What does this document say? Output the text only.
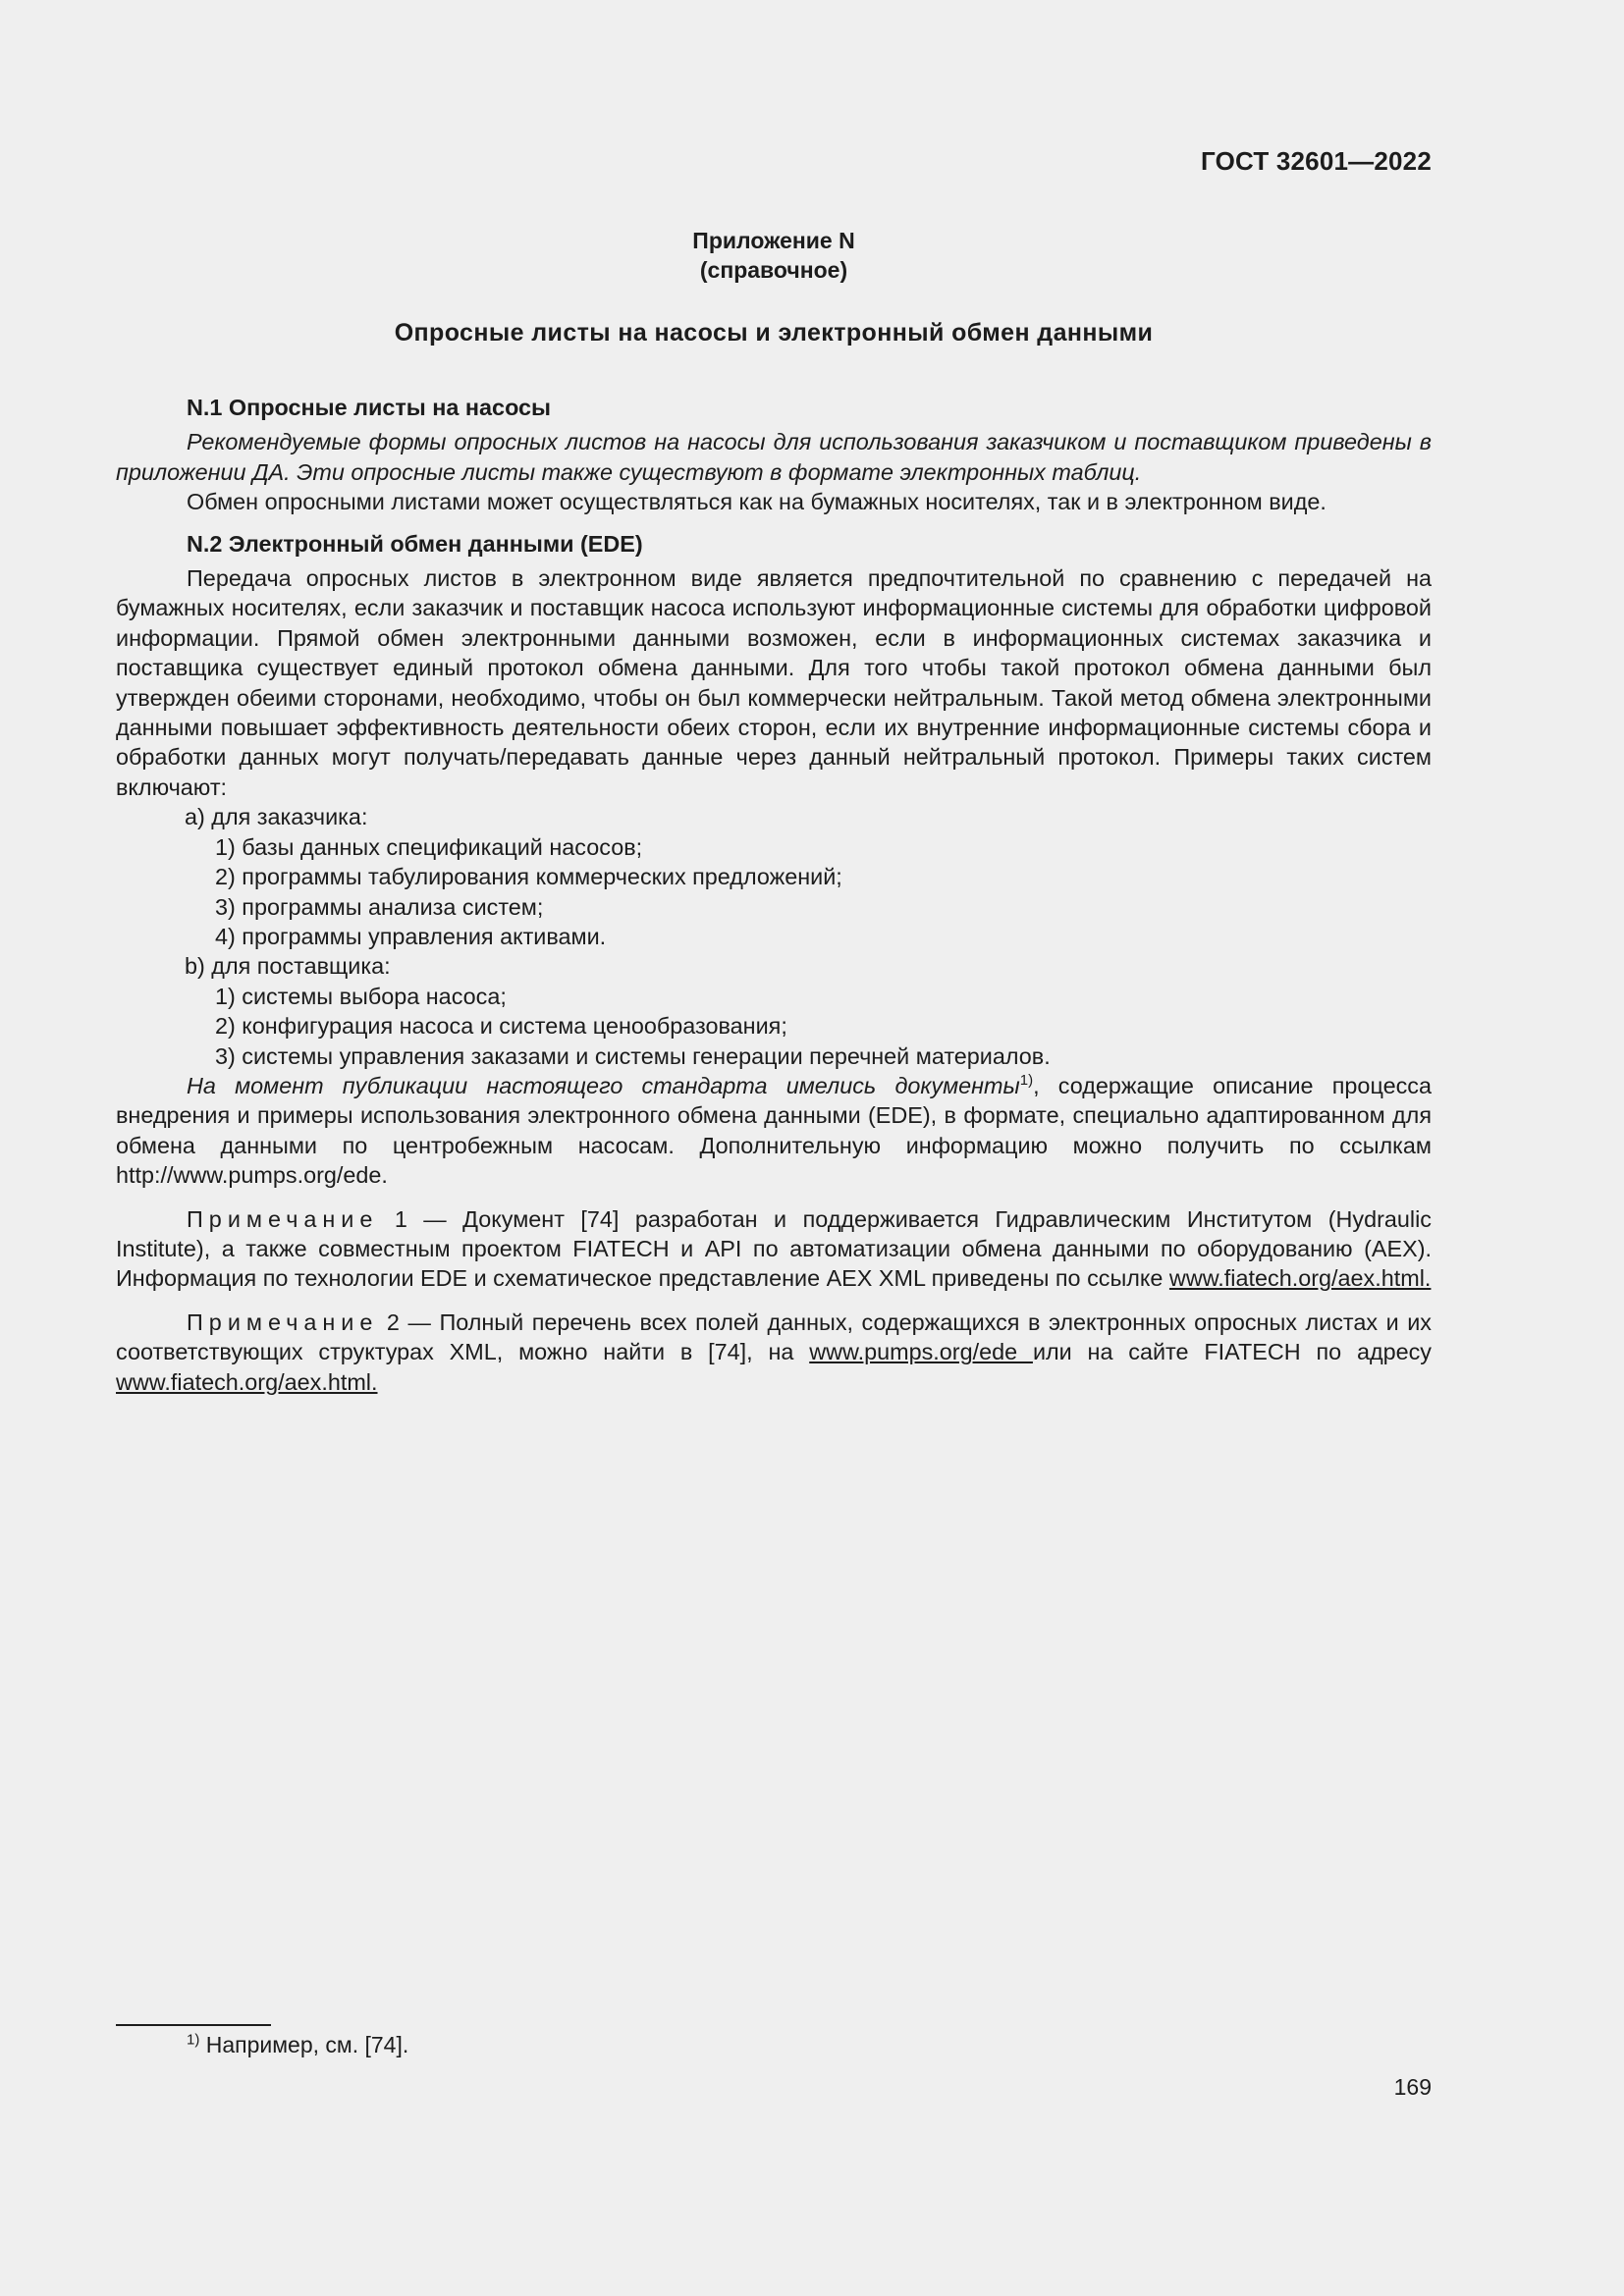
ГОСТ 32601—2022
Приложение N
(справочное)
Опросные листы на насосы и электронный обмен данными
N.1 Опросные листы на насосы

Рекомендуемые формы опросных листов на насосы для использования заказчиком и поставщиком приведены в приложении ДА. Эти опросные листы также существуют в формате электронных таблиц.

Обмен опросными листами может осуществляться как на бумажных носителях, так и в электронном виде.

N.2 Электронный обмен данными (EDE)

Передача опросных листов в электронном виде является предпочтительной по сравнению с передачей на бумажных носителях, если заказчик и поставщик насоса используют информационные системы для обработки цифровой информации. Прямой обмен электронными данными возможен, если в информационных системах заказчика и поставщика существует единый протокол обмена данными. Для того чтобы такой протокол обмена данными был утвержден обеими сторонами, необходимо, чтобы он был коммерчески нейтральным. Такой метод обмена электронными данными повышает эффективность деятельности обеих сторон, если их внутренние информационные системы сбора и обработки данных могут получать/передавать данные через данный нейтральный протокол. Примеры таких систем включают:

a) для заказчика:
1) базы данных спецификаций насосов;
2) программы табулирования коммерческих предложений;
3) программы анализа систем;
4) программы управления активами.
b) для поставщика:
1) системы выбора насоса;
2) конфигурация насоса и система ценообразования;
3) системы управления заказами и системы генерации перечней материалов.

На момент публикации настоящего стандарта имелись документы$^{1)}$, содержащие описание процесса внедрения и примеры использования электронного обмена данными (EDE), в формате, специально адаптированном для обмена данными по центробежным насосам. Дополнительную информацию можно получить по ссылкам http://www.pumps.org/ede.

Примечание 1 — Документ [74] разработан и поддерживается Гидравлическим Институтом (Hydraulic Institute), а также совместным проектом FIATECH и API по автоматизации обмена данными по оборудованию (AEX). Информация по технологии EDE и схематическое представление AEX XML приведены по ссылке www.fiatech.org/aex.html.

Примечание 2 — Полный перечень всех полей данных, содержащихся в электронных опросных листах и их соответствующих структурах XML, можно найти в [74], на www.pumps.org/ede или на сайте FIATECH по адресу www.fiatech.org/aex.html.

$^{1)}$ Например, см. [74].
169
